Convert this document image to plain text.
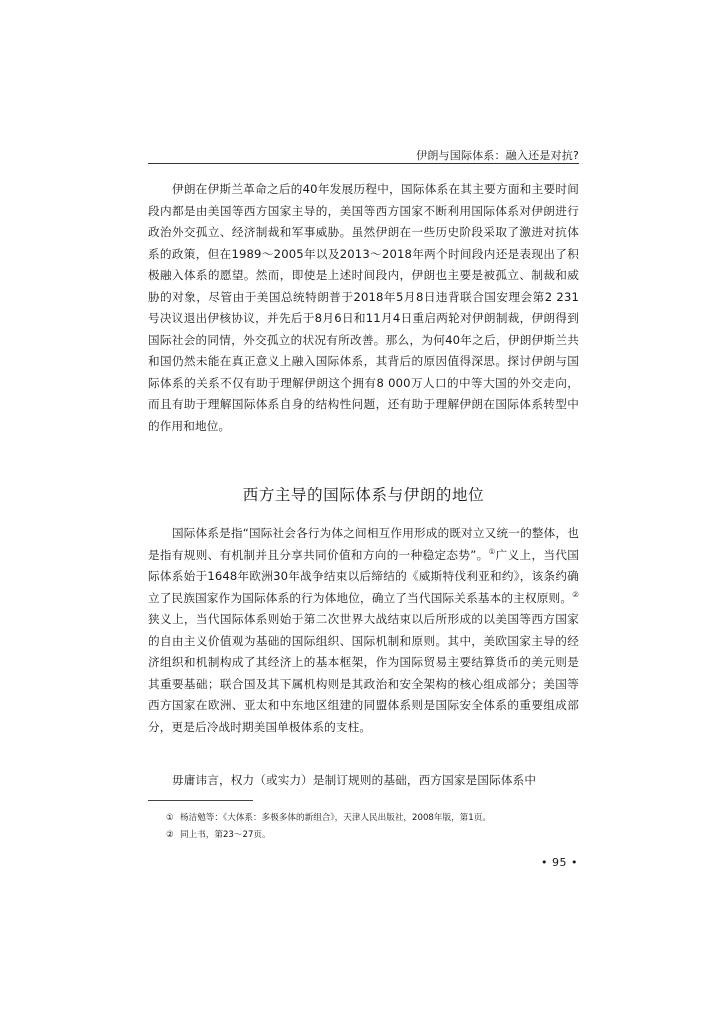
伊朗与国际体系：融入还是对抗?

伊朗在伊斯兰革命之后的40年发展历程中，国际体系在其主要方面和主要时间段内都是由美国等西方国家主导的，美国等西方国家不断利用国际体系对伊朗进行政治外交孤立、经济制裁和军事威胁。虽然伊朗在一些历史阶段采取了激进对抗体系的政策，但在1989～2005年以及2013～2018年两个时间段内还是表现出了积极融入体系的愿望。然而，即使是上述时间段内，伊朗也主要是被孤立、制裁和威胁的对象，尽管由于美国总统特朗普于2018年5月8日违背联合国安理会第2 231号决议退出伊核协议，并先后于8月6日和11月4日重启两轮对伊朗制裁，伊朗得到国际社会的同情，外交孤立的状况有所改善。那么，为何40年之后，伊朗伊斯兰共和国仍然未能在真正意义上融入国际体系，其背后的原因值得深思。探讨伊朗与国际体系的关系不仅有助于理解伊朗这个拥有8 000万人口的中等大国的外交走向，而且有助于理解国际体系自身的结构性问题，还有助于理解伊朗在国际体系转型中的作用和地位。

西方主导的国际体系与伊朗的地位

国际体系是指“国际社会各行为体之间相互作用形成的既对立又统一的整体，也是指有规则、有机制并且分享共同价值和方向的一种稳定态势”。①广义上，当代国际体系始于1648年欧洲30年战争结束以后缔结的《威斯特伐利亚和约》，该条约确立了民族国家作为国际体系的行为体地位，确立了当代国际关系基本的主权原则。②狭义上，当代国际体系则始于第二次世界大战结束以后所形成的以美国等西方国家的自由主义价值观为基础的国际组织、国际机制和原则。其中，美欧国家主导的经济组织和机制构成了其经济上的基本框架，作为国际贸易主要结算货币的美元则是其重要基础；联合国及其下属机构则是其政治和安全架构的核心组成部分；美国等西方国家在欧洲、亚太和中东地区组建的同盟体系则是国际安全体系的重要组成部分，更是后冷战时期美国单极体系的支柱。

毋庸讳言，权力（或实力）是制订规则的基础，西方国家是国际体系中

① 杨洁勉等：《大体系：多极多体的新组合》，天津人民出版社，2008年版，第1页。
② 同上书，第23～27页。
• 95 •
